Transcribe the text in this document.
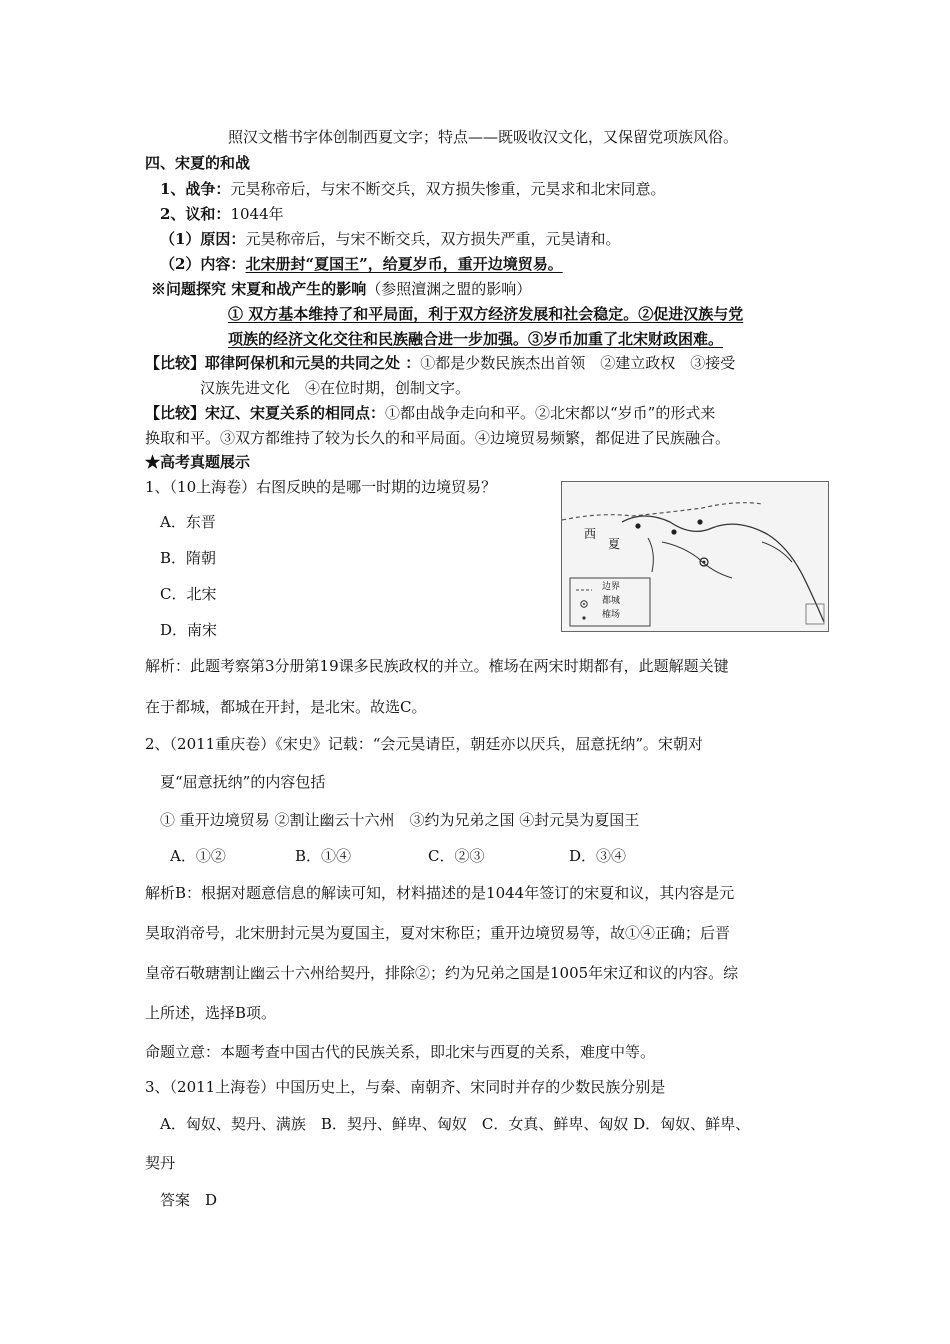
照汉文楷书字体创制西夏文字；特点——既吸收汉文化，又保留党项族风俗。
四、宋夏的和战
1、战争：元昊称帝后，与宋不断交兵，双方损失惨重，元昊求和北宋同意。
2、议和：1044年
（1）原因：元昊称帝后，与宋不断交兵，双方损失严重，元昊请和。
（2）内容：北宋册封“夏国王”，给夏岁币，重开边境贸易。
※问题探究 宋夏和战产生的影响（参照澶渊之盟的影响）
① 双方基本维持了和平局面，利于双方经济发展和社会稳定。②促进汉族与党
项族的经济文化交往和民族融合进一步加强。③岁币加重了北宋财政困难。
【比较】耶律阿保机和元昊的共同之处 ：①都是少数民族杰出首领　②建立政权　③接受
汉族先进文化　④在位时期，创制文字。
【比较】宋辽、宋夏关系的相同点：①都由战争走向和平。②北宋都以“岁币”的形式来
换取和平。③双方都维持了较为长久的和平局面。④边境贸易频繁，都促进了民族融合。
★高考真题展示
1、（10上海卷）右图反映的是哪一时期的边境贸易？
A．东晋
B．隋朝
C．北宋
D．南宋
西
夏
边界
都城
榷场
解析：此题考察第3分册第19课多民族政权的并立。榷场在两宋时期都有，此题解题关键
在于都城，都城在开封，是北宋。故选C。
2、（2011重庆卷）《宋史》记载：“会元昊请臣，朝廷亦以厌兵，屈意抚纳”。宋朝对
夏“屈意抚纳”的内容包括
① 重开边境贸易 ②割让幽云十六州　③约为兄弟之国 ④封元昊为夏国王
A．①②	B．①④	C．②③	D．③④
解析B：根据对题意信息的解读可知，材料描述的是1044年签订的宋夏和议，其内容是元
昊取消帝号，北宋册封元昊为夏国主，夏对宋称臣；重开边境贸易等，故①④正确；后晋
皇帝石敬瑭割让幽云十六州给契丹，排除②；约为兄弟之国是1005年宋辽和议的内容。综
上所述，选择B项。
命题立意：本题考查中国古代的民族关系，即北宋与西夏的关系，难度中等。
3、（2011上海卷）中国历史上，与秦、南朝齐、宋同时并存的少数民族分别是
A．匈奴、契丹、满族　B．契丹、鲜卑、匈奴　C．女真、鲜卑、匈奴 D．匈奴、鲜卑、
契丹
答案　D
